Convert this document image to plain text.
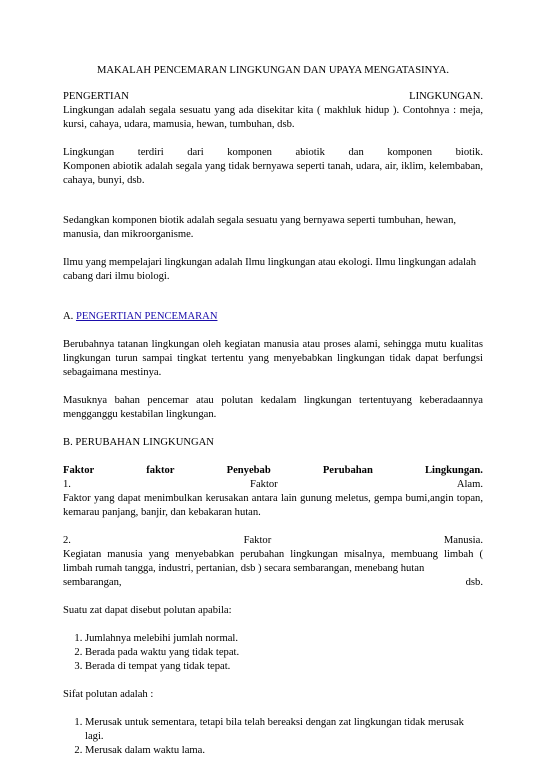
MAKALAH PENCEMARAN LINGKUNGAN DAN UPAYA MENGATASINYA.

PENGERTIAN	LINGKUNGAN.

Lingkungan adalah segala sesuatu yang ada disekitar kita ( makhluk hidup ). Contohnya : meja, kursi, cahaya, udara, mamusia, hewan, tumbuhan, dsb.

Lingkungan terdiri dari komponen abiotik dan komponen biotik.

Komponen abiotik adalah segala yang tidak bernyawa seperti tanah, udara, air, iklim, kelembaban, cahaya, bunyi, dsb.

Sedangkan komponen biotik adalah segala sesuatu yang bernyawa seperti tumbuhan, hewan, manusia, dan mikroorganisme.

Ilmu yang mempelajari lingkungan adalah Ilmu lingkungan atau ekologi. Ilmu lingkungan adalah cabang dari ilmu biologi.

A. PENGERTIAN PENCEMARAN

Berubahnya tatanan lingkungan oleh kegiatan manusia atau proses alami, sehingga mutu kualitas lingkungan turun sampai tingkat tertentu yang menyebabkan lingkungan tidak dapat berfungsi sebagaimana mestinya.

Masuknya bahan pencemar atau polutan kedalam lingkungan tertentuyang keberadaannya mengganggu kestabilan lingkungan.

B. PERUBAHAN LINGKUNGAN

Faktor	faktor	Penyebab	Perubahan	Lingkungan.
1.	Faktor	Alam.

Faktor yang dapat menimbulkan kerusakan antara lain gunung meletus, gempa bumi,angin topan, kemarau panjang, banjir, dan kebakaran hutan.

2.	Faktor	Manusia.

Kegiatan manusia yang menyebabkan perubahan lingkungan misalnya, membuang limbah ( limbah rumah tangga, industri, pertanian, dsb ) secara sembarangan, menebang hutan

sembarangan,	dsb.

Suatu zat dapat disebut polutan apabila:

1. Jumlahnya melebihi jumlah normal.
2. Berada pada waktu yang tidak tepat.
3. Berada di tempat yang tidak tepat.

Sifat polutan adalah :

1. Merusak untuk sementara, tetapi bila telah bereaksi dengan zat lingkungan tidak merusak lagi.
2. Merusak dalam waktu lama.
